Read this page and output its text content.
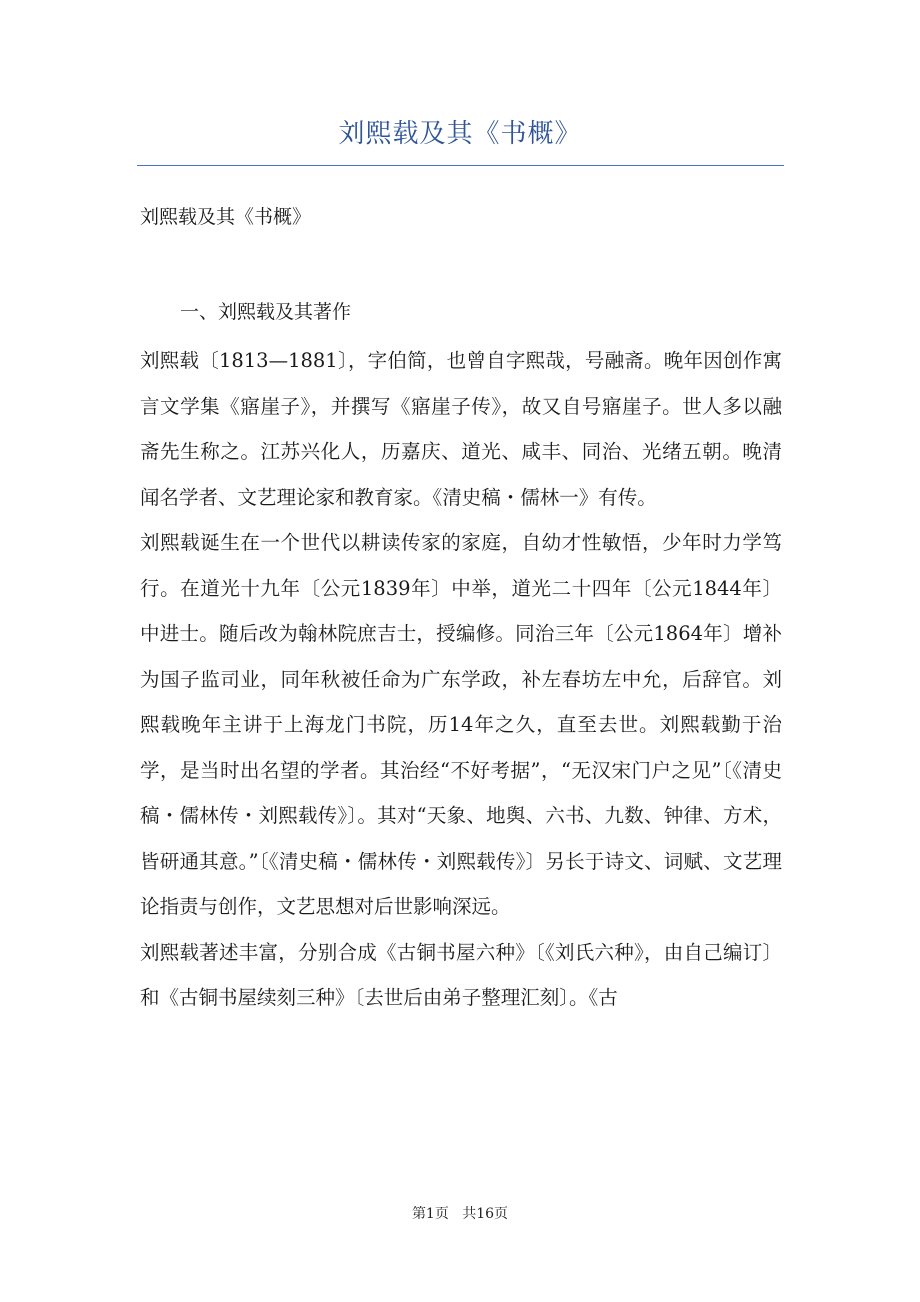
刘熙载及其《书概》
刘熙载及其《书概》
一、刘熙载及其著作

刘熙载〔1813—1881〕，字伯简，也曾自字熙哉，号融斋。晚年因创作寓言文学集《寤崖子》，并撰写《寤崖子传》，故又自号寤崖子。世人多以融斋先生称之。江苏兴化人，历嘉庆、道光、咸丰、同治、光绪五朝。晚清闻名学者、文艺理论家和教育家。《清史稿・儒林一》有传。

刘熙载诞生在一个世代以耕读传家的家庭，自幼才性敏悟，少年时力学笃行。在道光十九年〔公元1839年〕中举，道光二十四年〔公元1844年〕中进士。随后改为翰林院庶吉士，授编修。同治三年〔公元1864年〕增补为国子监司业，同年秋被任命为广东学政，补左春坊左中允，后辞官。刘熙载晚年主讲于上海龙门书院，历14年之久，直至去世。刘熙载勤于治学，是当时出名望的学者。其治经“不好考据”，“无汉宋门户之见”〔《清史稿・儒林传・刘熙载传》〕。其对“天象、地舆、六书、九数、钟律、方术，皆研通其意。”〔《清史稿・儒林传・刘熙载传》〕另长于诗文、词赋、文艺理论指责与创作，文艺思想对后世影响深远。

刘熙载著述丰富，分别合成《古铜书屋六种》〔《刘氏六种》，由自己编订〕和《古铜书屋续刻三种》〔去世后由弟子整理汇刻〕。《古

第1页 共16页
